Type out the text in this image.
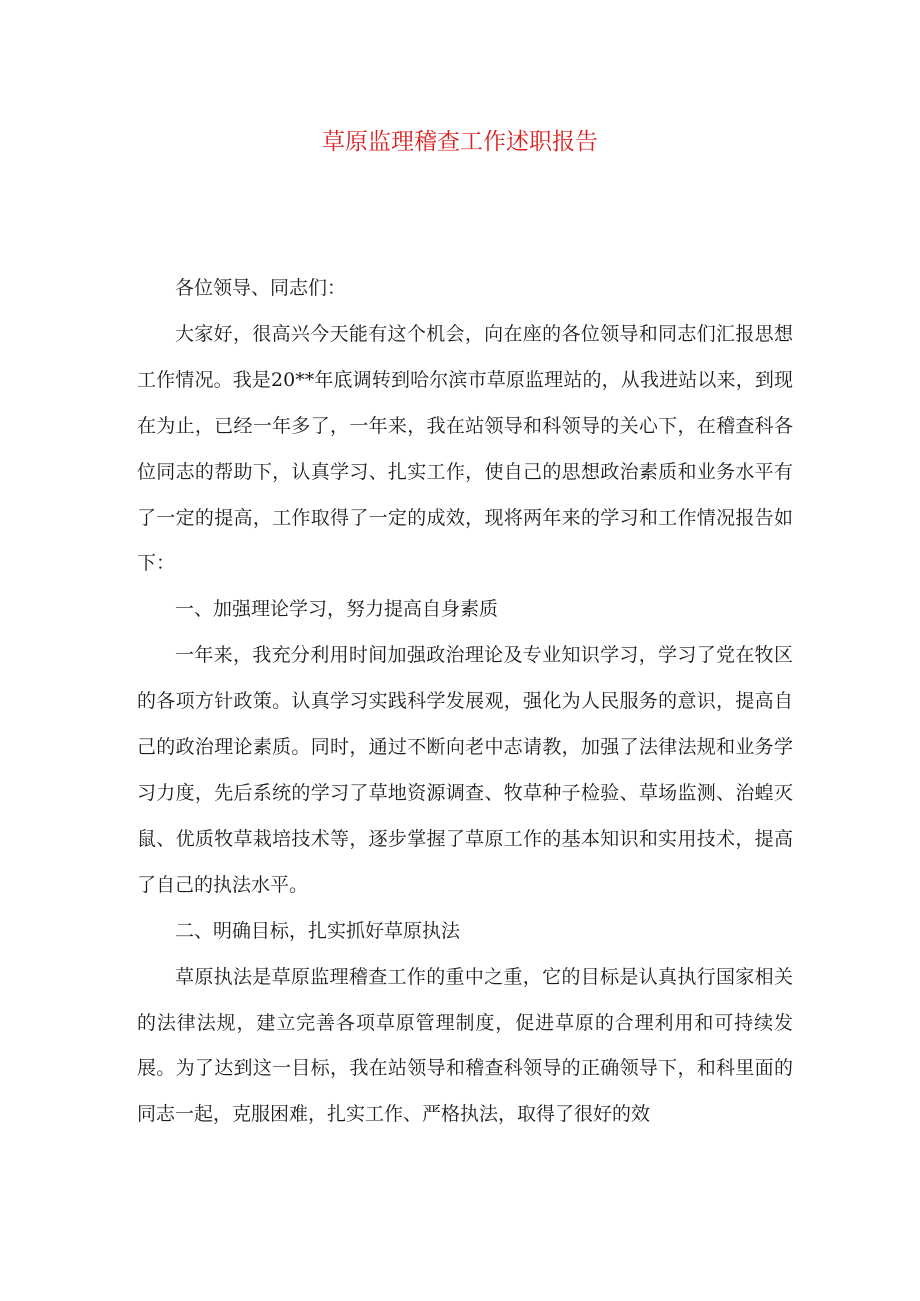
草原监理稽查工作述职报告

各位领导、同志们：

大家好，很高兴今天能有这个机会，向在座的各位领导和同志们汇报思想工作情况。我是20**年底调转到哈尔滨市草原监理站的，从我进站以来，到现在为止，已经一年多了，一年来，我在站领导和科领导的关心下，在稽查科各位同志的帮助下，认真学习、扎实工作，使自己的思想政治素质和业务水平有了一定的提高，工作取得了一定的成效，现将两年来的学习和工作情况报告如下：

一、加强理论学习，努力提高自身素质

一年来，我充分利用时间加强政治理论及专业知识学习，学习了党在牧区的各项方针政策。认真学习实践科学发展观，强化为人民服务的意识，提高自己的政治理论素质。同时，通过不断向老中志请教，加强了法律法规和业务学习力度，先后系统的学习了草地资源调查、牧草种子检验、草场监测、治蝗灭鼠、优质牧草栽培技术等，逐步掌握了草原工作的基本知识和实用技术，提高了自己的执法水平。

二、明确目标，扎实抓好草原执法

草原执法是草原监理稽查工作的重中之重，它的目标是认真执行国家相关的法律法规，建立完善各项草原管理制度，促进草原的合理利用和可持续发展。为了达到这一目标，我在站领导和稽查科领导的正确领导下，和科里面的同志一起，克服困难，扎实工作、严格执法，取得了很好的效
